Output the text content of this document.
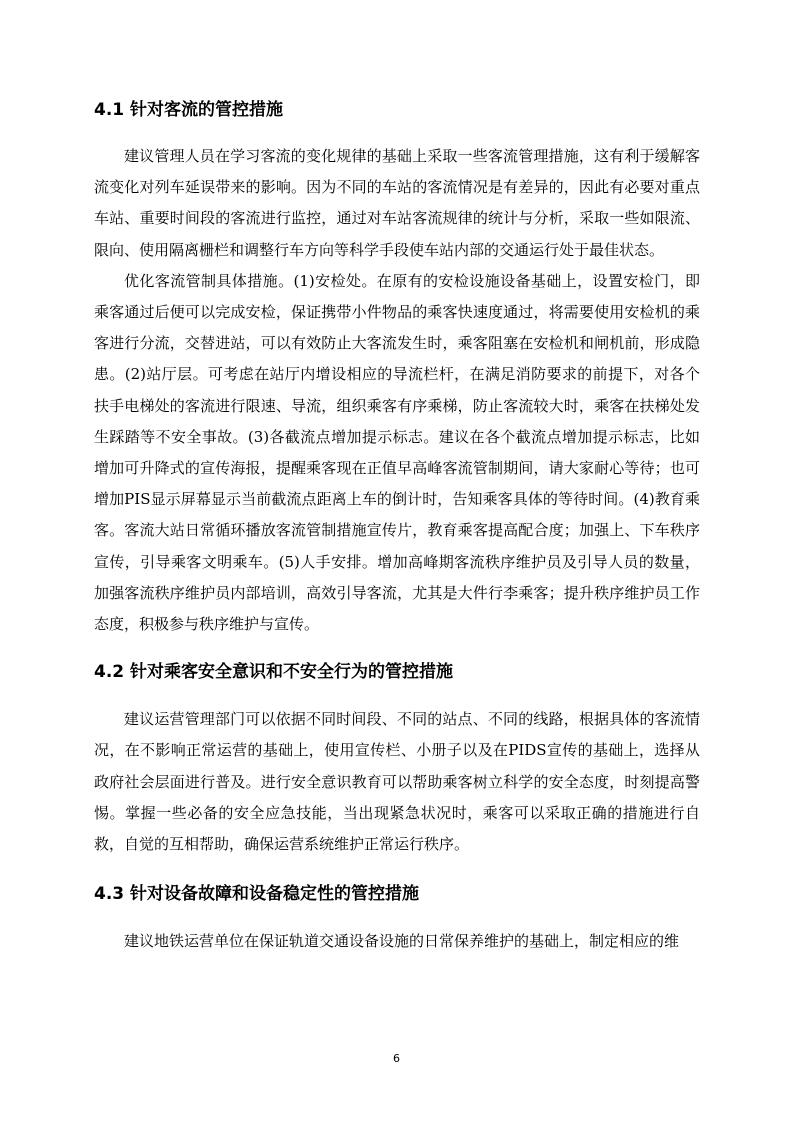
4.1 针对客流的管控措施

建议管理人员在学习客流的变化规律的基础上采取一些客流管理措施，这有利于缓解客流变化对列车延误带来的影响。因为不同的车站的客流情况是有差异的，因此有必要对重点车站、重要时间段的客流进行监控，通过对车站客流规律的统计与分析，采取一些如限流、限向、使用隔离栅栏和调整行车方向等科学手段使车站内部的交通运行处于最佳状态。

优化客流管制具体措施。(1)安检处。在原有的安检设施设备基础上，设置安检门，即乘客通过后便可以完成安检，保证携带小件物品的乘客快速度通过，将需要使用安检机的乘客进行分流，交替进站，可以有效防止大客流发生时，乘客阻塞在安检机和闸机前，形成隐患。(2)站厅层。可考虑在站厅内增设相应的导流栏杆，在满足消防要求的前提下，对各个扶手电梯处的客流进行限速、导流，组织乘客有序乘梯，防止客流较大时，乘客在扶梯处发生踩踏等不安全事故。(3)各截流点增加提示标志。建议在各个截流点增加提示标志，比如增加可升降式的宣传海报，提醒乘客现在正值早高峰客流管制期间，请大家耐心等待；也可增加PIS显示屏幕显示当前截流点距离上车的倒计时，告知乘客具体的等待时间。(4)教育乘客。客流大站日常循环播放客流管制措施宣传片，教育乘客提高配合度；加强上、下车秩序宣传，引导乘客文明乘车。(5)人手安排。增加高峰期客流秩序维护员及引导人员的数量，加强客流秩序维护员内部培训，高效引导客流，尤其是大件行李乘客；提升秩序维护员工作态度，积极参与秩序维护与宣传。

4.2 针对乘客安全意识和不安全行为的管控措施

建议运营管理部门可以依据不同时间段、不同的站点、不同的线路，根据具体的客流情况，在不影响正常运营的基础上，使用宣传栏、小册子以及在PIDS宣传的基础上，选择从政府社会层面进行普及。进行安全意识教育可以帮助乘客树立科学的安全态度，时刻提高警惕。掌握一些必备的安全应急技能，当出现紧急状况时，乘客可以采取正确的措施进行自救，自觉的互相帮助，确保运营系统维护正常运行秩序。

4.3 针对设备故障和设备稳定性的管控措施

建议地铁运营单位在保证轨道交通设备设施的日常保养维护的基础上，制定相应的维

6
